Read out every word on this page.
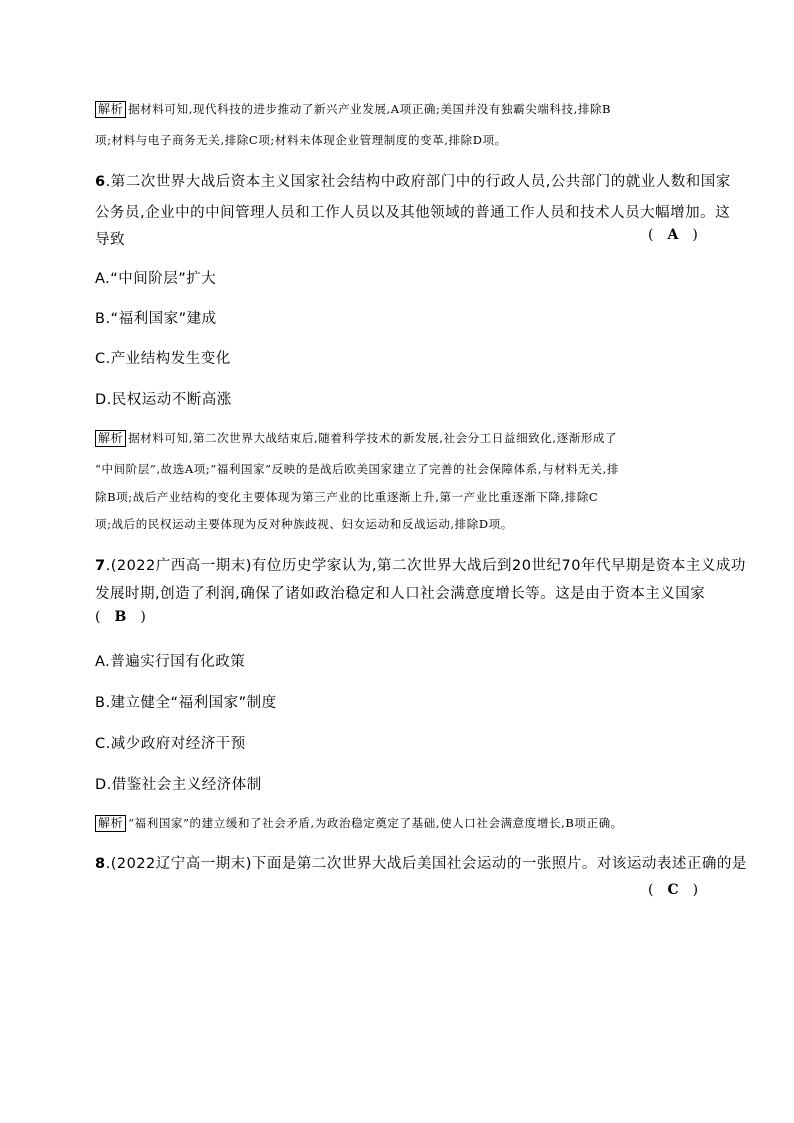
解析 据材料可知,现代科技的进步推动了新兴产业发展,A项正确;美国并没有独霸尖端科技,排除B
项;材料与电子商务无关,排除C项;材料未体现企业管理制度的变革,排除D项。
6.第二次世界大战后资本主义国家社会结构中政府部门中的行政人员,公共部门的就业人数和国家
公务员,企业中的中间管理人员和工作人员以及其他领域的普通工作人员和技术人员大幅增加。这
导致	( A )
A.“中间阶层”扩大
B.“福利国家”建成
C.产业结构发生变化
D.民权运动不断高涨
解析 据材料可知,第二次世界大战结束后,随着科学技术的新发展,社会分工日益细致化,逐渐形成了
“中间阶层”,故选A项;“福利国家”反映的是战后欧美国家建立了完善的社会保障体系,与材料无关,排
除B项;战后产业结构的变化主要体现为第三产业的比重逐渐上升,第一产业比重逐渐下降,排除C
项;战后的民权运动主要体现为反对种族歧视、妇女运动和反战运动,排除D项。
7.(2022广西高一期末)有位历史学家认为,第二次世界大战后到20世纪70年代早期是资本主义成功
发展时期,创造了利润,确保了诸如政治稳定和人口社会满意度增长等。这是由于资本主义国家
( B )
A.普遍实行国有化政策
B.建立健全“福利国家”制度
C.减少政府对经济干预
D.借鉴社会主义经济体制
解析 “福利国家”的建立缓和了社会矛盾,为政治稳定奠定了基础,使人口社会满意度增长,B项正确。
8.(2022辽宁高一期末)下面是第二次世界大战后美国社会运动的一张照片。对该运动表述正确的是
( C )
